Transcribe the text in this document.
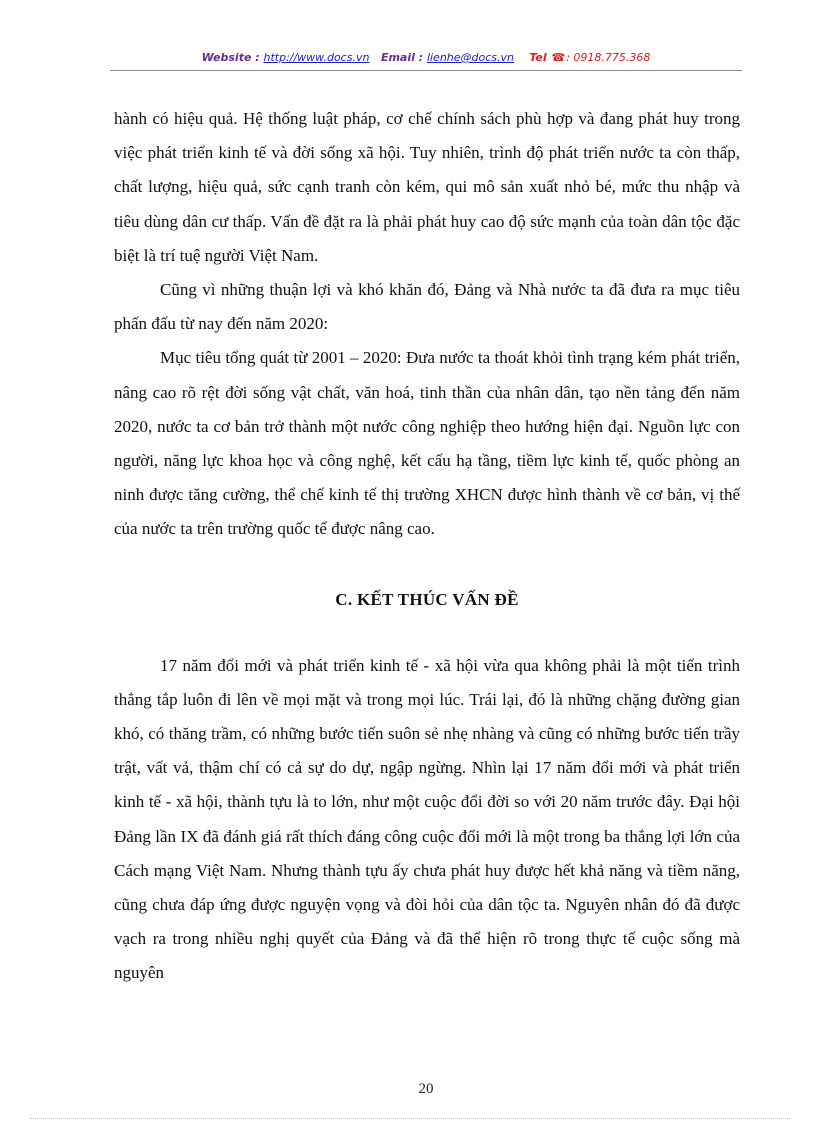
Website : http://www.docs.vn Email : lienhe@docs.vn Tel ☎: 0918.775.368

hành có hiệu quả. Hệ thống luật pháp, cơ chế chính sách phù hợp và đang phát huy trong việc phát triển kinh tế và đời sống xã hội. Tuy nhiên, trình độ phát triển nước ta còn thấp, chất lượng, hiệu quả, sức cạnh tranh còn kém, qui mô sản xuất nhỏ bé, mức thu nhập và tiêu dùng dân cư thấp. Vấn đề đặt ra là phải phát huy cao độ sức mạnh của toàn dân tộc đặc biệt là trí tuệ người Việt Nam.

Cũng vì những thuận lợi và khó khăn đó, Đảng và Nhà nước ta đã đưa ra mục tiêu phấn đấu từ nay đến năm 2020:

Mục tiêu tổng quát từ 2001 – 2020: Đưa nước ta thoát khỏi tình trạng kém phát triển, nâng cao rõ rệt đời sống vật chất, văn hoá, tinh thần của nhân dân, tạo nền tảng đến năm 2020, nước ta cơ bản trở thành một nước công nghiệp theo hướng hiện đại. Nguồn lực con người, năng lực khoa học và công nghệ, kết cấu hạ tầng, tiềm lực kinh tế, quốc phòng an ninh được tăng cường, thể chế kinh tế thị trường XHCN được hình thành về cơ bản, vị thế của nước ta trên trường quốc tế được nâng cao.

C. KẾT THÚC VẤN ĐỀ

17 năm đổi mới và phát triển kinh tế - xã hội vừa qua không phải là một tiến trình thẳng tắp luôn đi lên về mọi mặt và trong mọi lúc. Trái lại, đó là những chặng đường gian khó, có thăng trầm, có những bước tiến suôn sẻ nhẹ nhàng và cũng có những bước tiến trầy trật, vất vả, thậm chí có cả sự do dự, ngập ngừng. Nhìn lại 17 năm đổi mới và phát triển kinh tế - xã hội, thành tựu là to lớn, như một cuộc đổi đời so với 20 năm trước đây. Đại hội Đảng lần IX đã đánh giá rất thích đáng công cuộc đổi mới là một trong ba thắng lợi lớn của Cách mạng Việt Nam. Nhưng thành tựu ấy chưa phát huy được hết khả năng và tiềm năng, cũng chưa đáp ứng được nguyện vọng và đòi hỏi của dân tộc ta. Nguyên nhân đó đã được vạch ra trong nhiều nghị quyết của Đảng và đã thể hiện rõ trong thực tế cuộc sống mà nguyên

20
